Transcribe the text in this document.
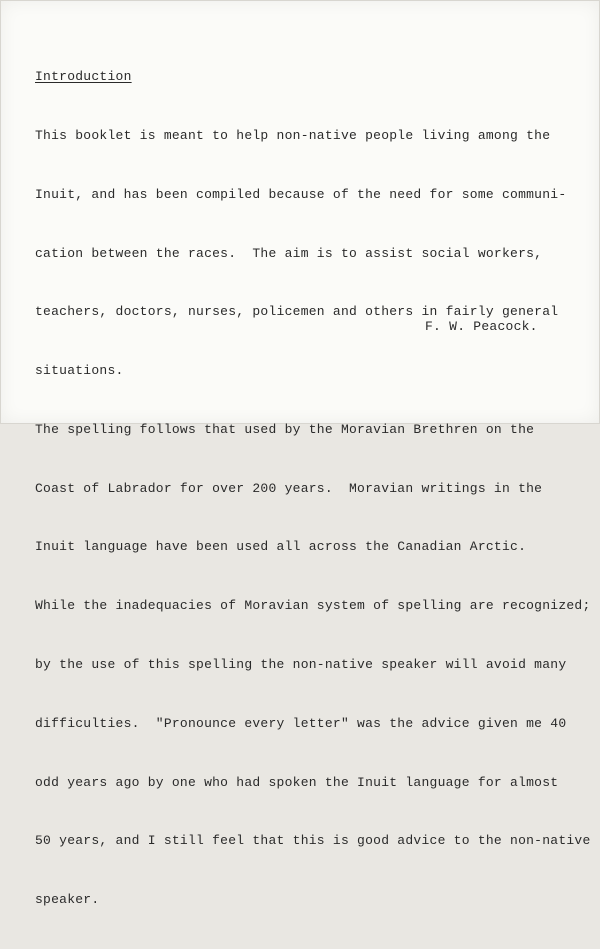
Introduction

This booklet is meant to help non-native people living among the

Inuit, and has been compiled because of the need for some communi-

cation between the races.  The aim is to assist social workers,

teachers, doctors, nurses, policemen and others in fairly general

situations.

The spelling follows that used by the Moravian Brethren on the

Coast of Labrador for over 200 years.  Moravian writings in the

Inuit language have been used all across the Canadian Arctic.

While the inadequacies of Moravian system of spelling are recognized;

by the use of this spelling the non-native speaker will avoid many

difficulties.  "Pronounce every letter" was the advice given me 40

odd years ago by one who had spoken the Inuit language for almost

50 years, and I still feel that this is good advice to the non-native

speaker.

F. W. Peacock.
